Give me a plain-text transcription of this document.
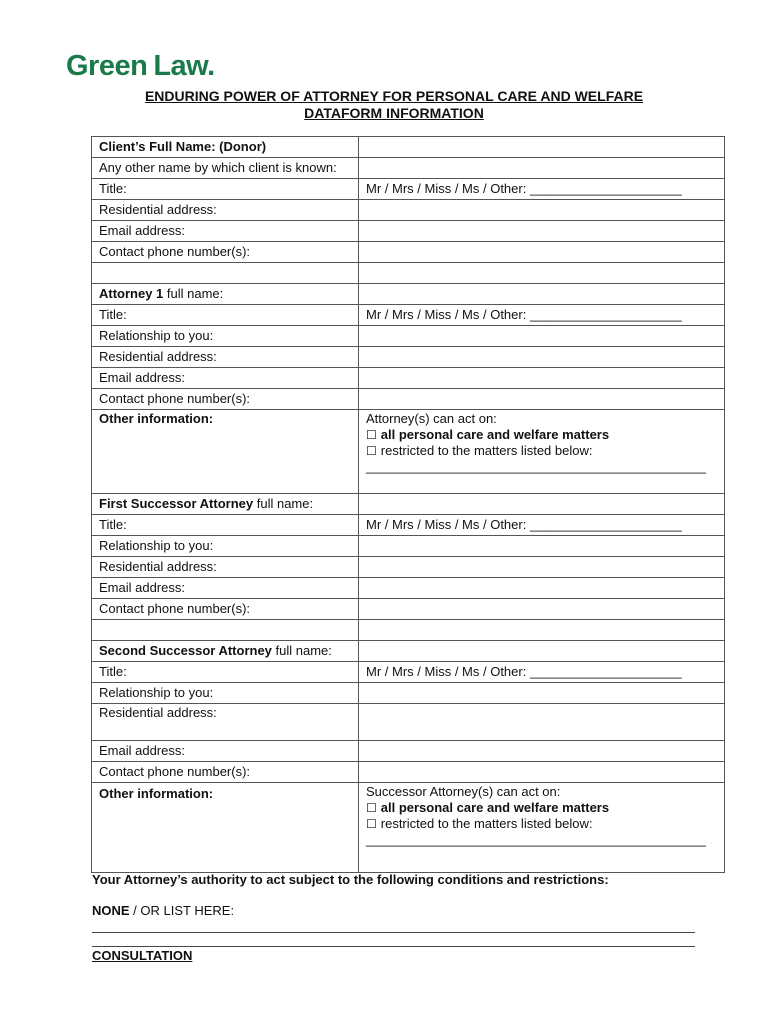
Green Law.
ENDURING POWER OF ATTORNEY FOR PERSONAL CARE AND WELFARE
DATAFORM INFORMATION
Client’s Full Name: (Donor)	
Any other name by which client is known:	
Title:	Mr / Mrs / Miss / Ms / Other: _____________________
Residential address:	
Email address:	
Contact phone number(s):	

Attorney 1 full name:	
Title:	Mr / Mrs / Miss / Ms / Other: _____________________
Relationship to you:	
Residential address:	
Email address:	
Contact phone number(s):	
Other information:	Attorney(s) can act on:
☐ all personal care and welfare matters
☐ restricted to the matters listed below:
_______________________________________________

First Successor Attorney full name:	
Title:	Mr / Mrs / Miss / Ms / Other: _____________________
Relationship to you:	
Residential address:	
Email address:	
Contact phone number(s):	

Second Successor Attorney full name:	
Title:	Mr / Mrs / Miss / Ms / Other: _____________________
Relationship to you:	
Residential address:	
Email address:	
Contact phone number(s):	
Other information:	Successor Attorney(s) can act on:
☐ all personal care and welfare matters
☐ restricted to the matters listed below:
_______________________________________________
Your Attorney’s authority to act subject to the following conditions and restrictions:
NONE / OR LIST HERE:
CONSULTATION
